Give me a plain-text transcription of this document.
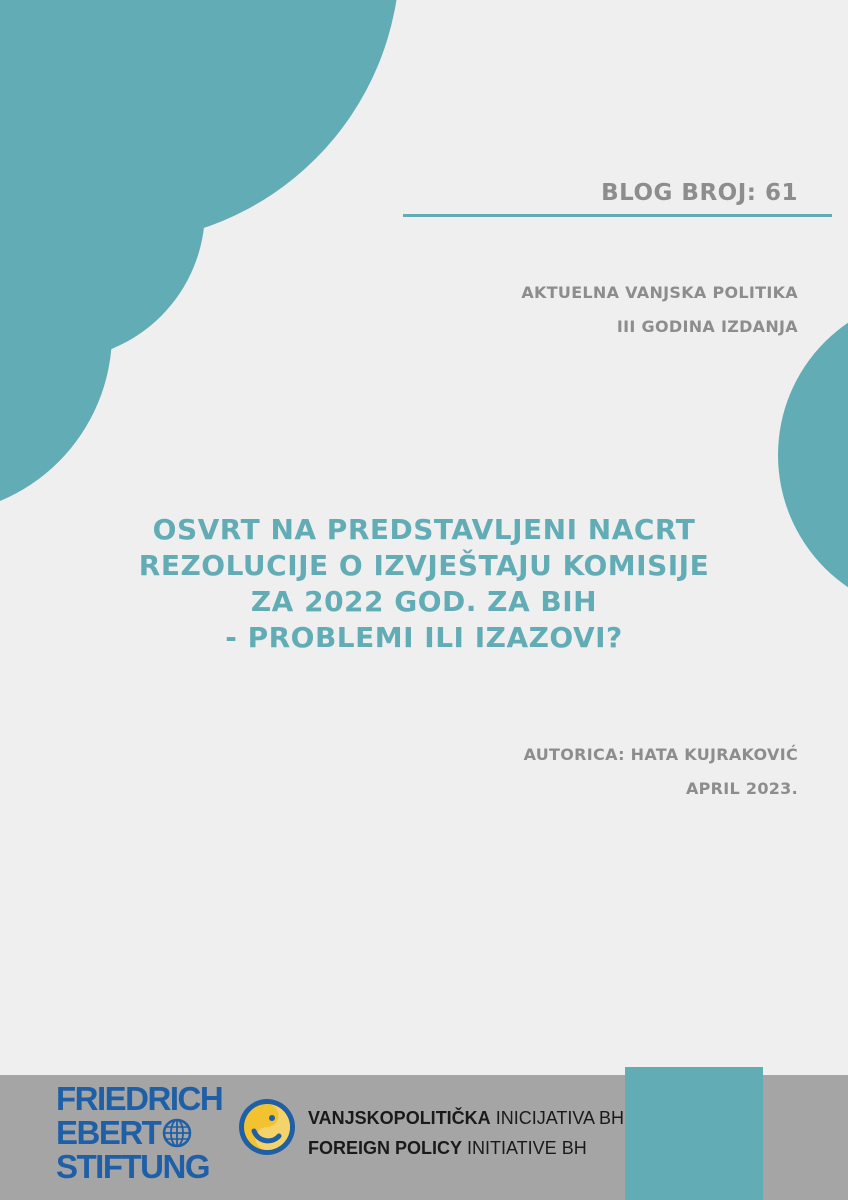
BLOG BROJ: 61
AKTUELNA VANJSKA POLITIKA
III GODINA IZDANJA
OSVRT NA PREDSTAVLJENI NACRT
REZOLUCIJE O IZVJEŠTAJU KOMISIJE
ZA 2022 GOD. ZA BIH
- PROBLEMI ILI IZAZOVI?
AUTORICA: HATA KUJRAKOVIĆ
APRIL 2023.
FRIEDRICH
EBERT
STIFTUNG
VANJSKOPOLITIČKA INICIJATIVA BH
FOREIGN POLICY INITIATIVE BH
